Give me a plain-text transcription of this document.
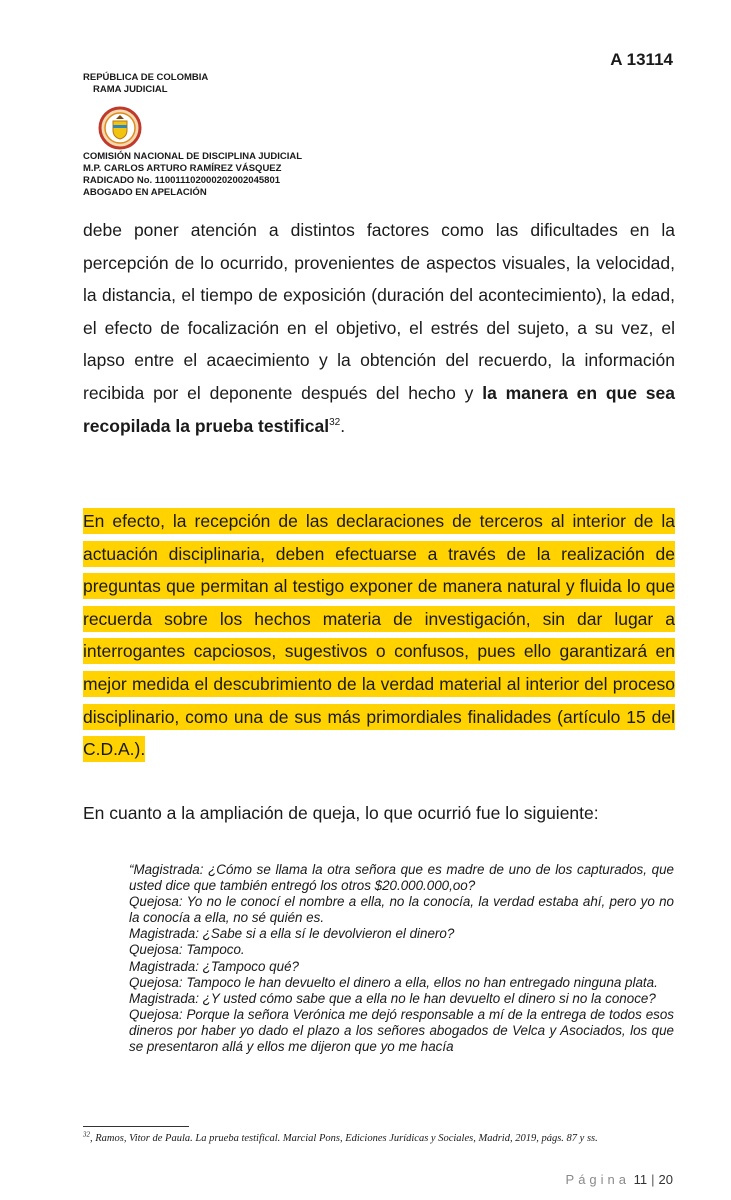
A 13114
REPÚBLICA DE COLOMBIA
RAMA JUDICIAL
COMISIÓN NACIONAL DE DISCIPLINA JUDICIAL
M.P. CARLOS ARTURO RAMÍREZ VÁSQUEZ
RADICADO No. 110011102000202002045801
ABOGADO EN APELACIÓN

debe poner atención a distintos factores como las dificultades en la percepción de lo ocurrido, provenientes de aspectos visuales, la velocidad, la distancia, el tiempo de exposición (duración del acontecimiento), la edad, el efecto de focalización en el objetivo, el estrés del sujeto, a su vez, el lapso entre el acaecimiento y la obtención del recuerdo, la información recibida por el deponente después del hecho y la manera en que sea recopilada la prueba testifical$^{32}$.

En efecto, la recepción de las declaraciones de terceros al interior de la actuación disciplinaria, deben efectuarse a través de la realización de preguntas que permitan al testigo exponer de manera natural y fluida lo que recuerda sobre los hechos materia de investigación, sin dar lugar a interrogantes capciosos, sugestivos o confusos, pues ello garantizará en mejor medida el descubrimiento de la verdad material al interior del proceso disciplinario, como una de sus más primordiales finalidades (artículo 15 del C.D.A.).

En cuanto a la ampliación de queja, lo que ocurrió fue lo siguiente:

“Magistrada: ¿Cómo se llama la otra señora que es madre de uno de los capturados, que usted dice que también entregó los otros $20.000.000,oo?
Quejosa: Yo no le conocí el nombre a ella, no la conocía, la verdad estaba ahí, pero yo no la conocía a ella, no sé quién es.
Magistrada: ¿Sabe si a ella sí le devolvieron el dinero?
Quejosa: Tampoco.
Magistrada: ¿Tampoco qué?
Quejosa: Tampoco le han devuelto el dinero a ella, ellos no han entregado ninguna plata.
Magistrada: ¿Y usted cómo sabe que a ella no le han devuelto el dinero si no la conoce?
Quejosa: Porque la señora Verónica me dejó responsable a mí de la entrega de todos esos dineros por haber yo dado el plazo a los señores abogados de Velca y Asociados, los que se presentaron allá y ellos me dijeron que yo me hacía
$^{32}$, Ramos, Vitor de Paula. La prueba testifical. Marcial Pons, Ediciones Jurídicas y Sociales, Madrid, 2019, págs. 87 y ss.
Página 11 | 20
